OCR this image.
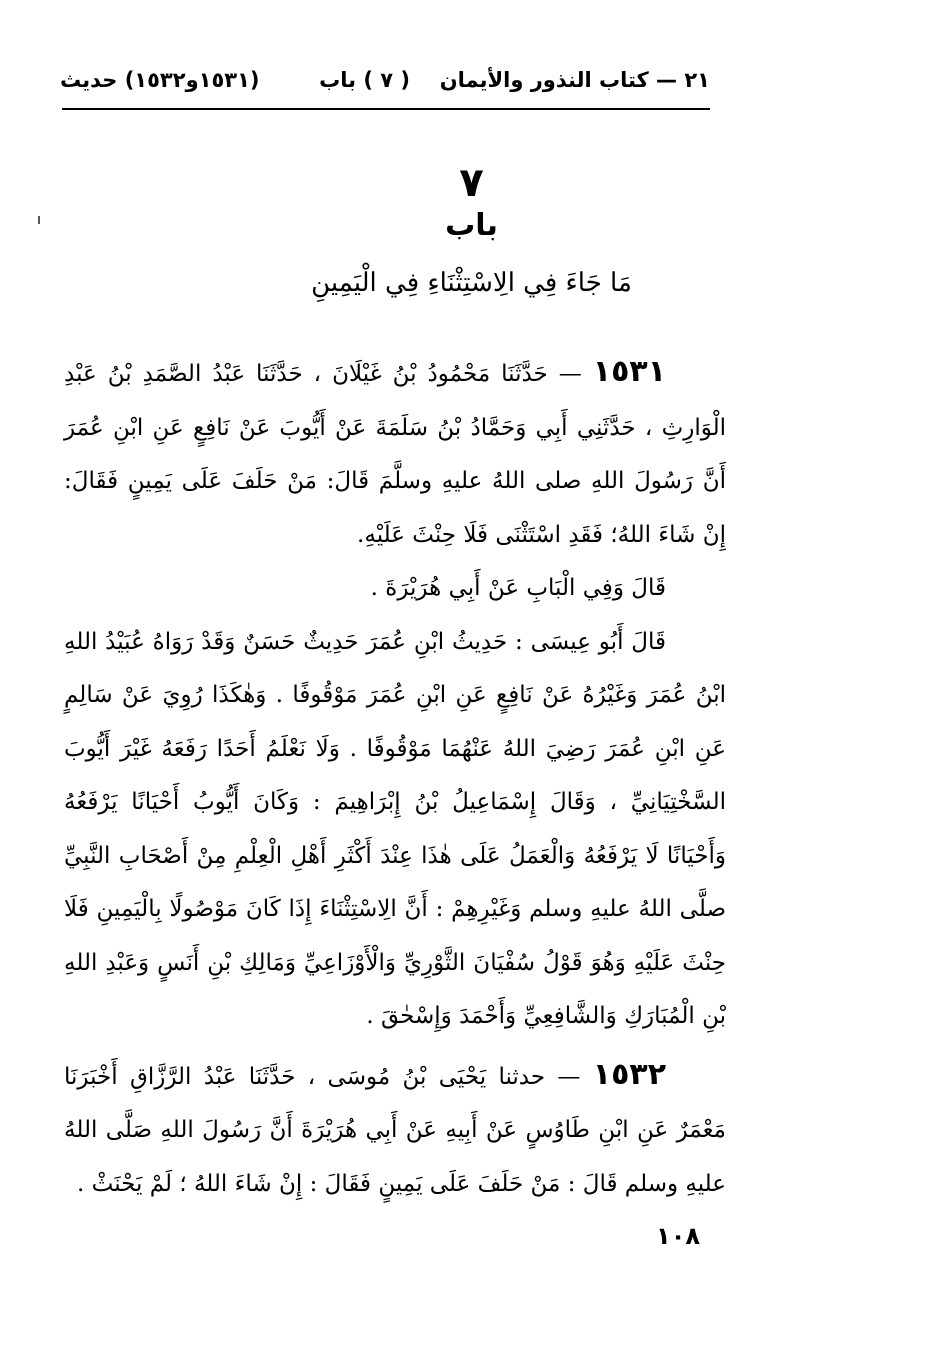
٢١ — كتاب النذور والأيمان
( ٧ ) باب
(١٥٣١و١٥٣٢) حديث
٧
باب
مَا جَاءَ فِي الِاسْتِثْنَاءِ فِي الْيَمِينِ

١٥٣١ — حَدَّثَنَا مَحْمُودُ بْنُ غَيْلَانَ ، حَدَّثَنَا عَبْدُ الصَّمَدِ بْنُ عَبْدِ الْوَارِثِ ، حَدَّثَنِي أَبِي وَحَمَّادُ بْنُ سَلَمَةَ عَنْ أَيُّوبَ عَنْ نَافِعٍ عَنِ ابْنِ عُمَرَ أَنَّ رَسُولَ اللهِ صلى اللهُ عليهِ وسلَّمَ قَالَ: مَنْ حَلَفَ عَلَى يَمِينٍ فَقَالَ: إِنْ شَاءَ اللهُ؛ فَقَدِ اسْتَثْنَى فَلَا حِنْثَ عَلَيْهِ.

قَالَ وَفِي الْبَابِ عَنْ أَبِي هُرَيْرَةَ .

قَالَ أَبُو عِيسَى : حَدِيثُ ابْنِ عُمَرَ حَدِيثٌ حَسَنٌ وَقَدْ رَوَاهُ عُبَيْدُ اللهِ ابْنُ عُمَرَ وَغَيْرُهُ عَنْ نَافِعٍ عَنِ ابْنِ عُمَرَ مَوْقُوفًا . وَهٰكَذَا رُوِيَ عَنْ سَالِمٍ عَنِ ابْنِ عُمَرَ رَضِيَ اللهُ عَنْهُمَا مَوْقُوفًا . وَلَا نَعْلَمُ أَحَدًا رَفَعَهُ غَيْرَ أَيُّوبَ السَّخْتِيَانِيِّ ، وَقَالَ إِسْمَاعِيلُ بْنُ إِبْرَاهِيمَ : وَكَانَ أَيُّوبُ أَحْيَانًا يَرْفَعُهُ وَأَحْيَانًا لَا يَرْفَعُهُ وَالْعَمَلُ عَلَى هٰذَا عِنْدَ أَكْثَرِ أَهْلِ الْعِلْمِ مِنْ أَصْحَابِ النَّبِيِّ صلَّى اللهُ عليهِ وسلم وَغَيْرِهِمْ : أَنَّ الِاسْتِثْنَاءَ إِذَا كَانَ مَوْصُولًا بِالْيَمِينِ فَلَا حِنْثَ عَلَيْهِ وَهُوَ قَوْلُ سُفْيَانَ الثَّوْرِيِّ وَالْأَوْزَاعِيِّ وَمَالِكِ بْنِ أَنَسٍ وَعَبْدِ اللهِ بْنِ الْمُبَارَكِ وَالشَّافِعِيِّ وَأَحْمَدَ وَإِسْحٰقَ .

١٥٣٢ — حدثنا يَحْيَى بْنُ مُوسَى ، حَدَّثَنَا عَبْدُ الرَّزَّاقِ أَخْبَرَنَا مَعْمَرٌ عَنِ ابْنِ طَاوُسٍ عَنْ أَبِيهِ عَنْ أَبِي هُرَيْرَةَ أَنَّ رَسُولَ اللهِ صَلَّى اللهُ عليهِ وسلم قَالَ : مَنْ حَلَفَ عَلَى يَمِينٍ فَقَالَ : إِنْ شَاءَ اللهُ ؛ لَمْ يَحْنَثْ .

١٠٨
